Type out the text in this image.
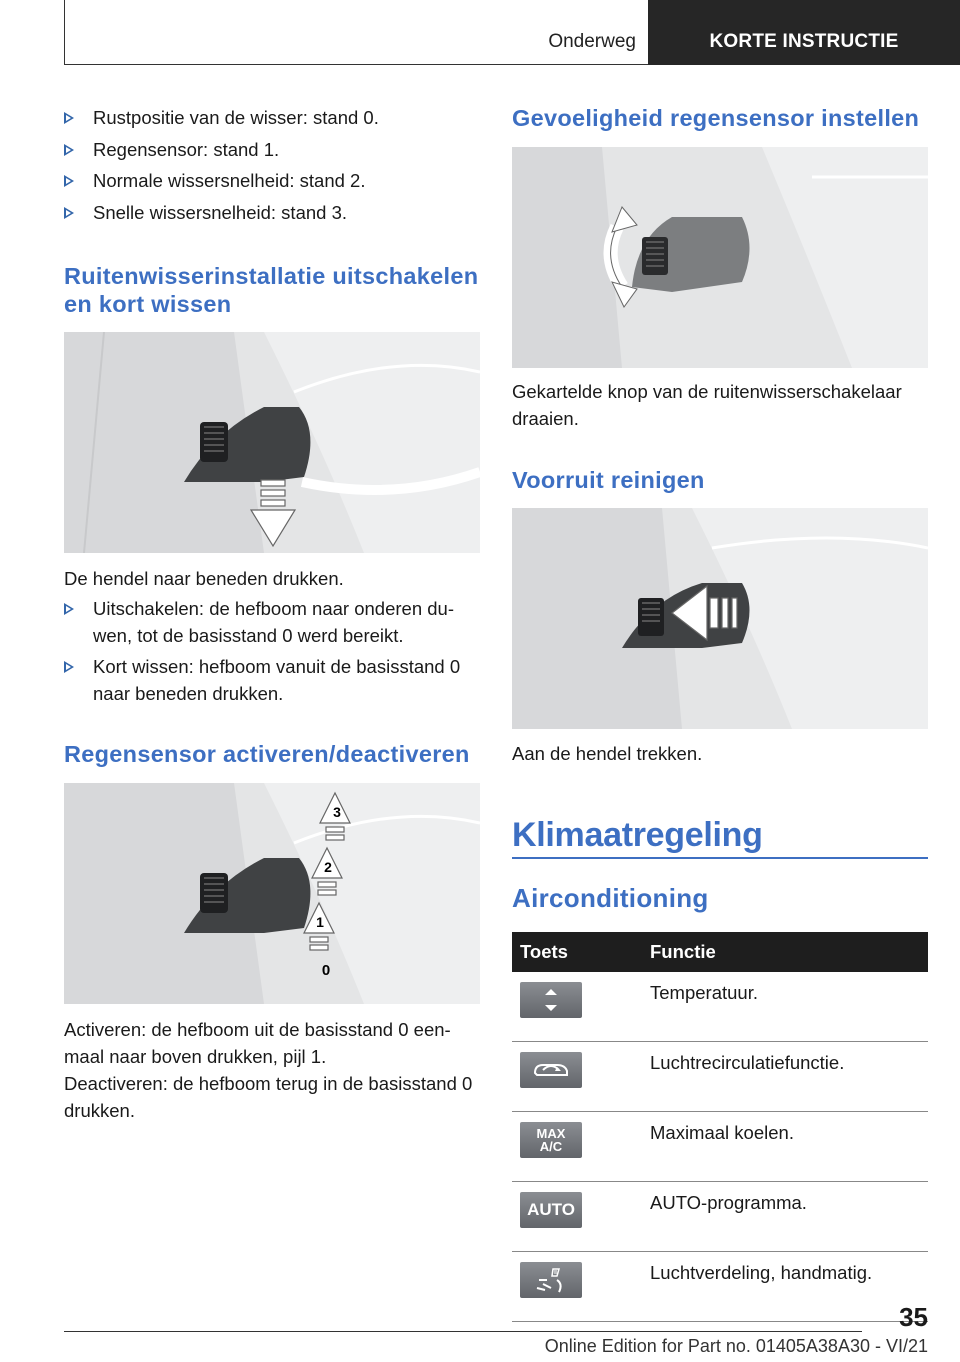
Onderweg	KORTE INSTRUCTIE
Rustpositie van de wisser: stand 0.
Regensensor: stand 1.
Normale wissersnelheid: stand 2.
Snelle wissersnelheid: stand 3.
Ruitenwisserinstallatie uitschakelen en kort wissen
De hendel naar beneden drukken.
Uitschakelen: de hefboom naar onderen duwen, tot de basisstand 0 werd bereikt.
Kort wissen: hefboom vanuit de basisstand 0 naar beneden drukken.
Regensensor activeren/deactiveren
3
2
1
0
Activeren: de hefboom uit de basisstand 0 eenmaal naar boven drukken, pijl 1.
Deactiveren: de hefboom terug in de basisstand 0 drukken.
Gevoeligheid regensensor instellen
Gekartelde knop van de ruitenwisserschakelaar draaien.
Voorruit reinigen
Aan de hendel trekken.
Klimaatregeling
Airconditioning
Toets	Functie

	Temperatuur.

	Luchtrecirculatiefunctie.

MAX
A/C	Maximaal koelen.

AUTO	AUTO-programma.

	Luchtverdeling, handmatig.
35
Online Edition for Part no. 01405A38A30 - VI/21
